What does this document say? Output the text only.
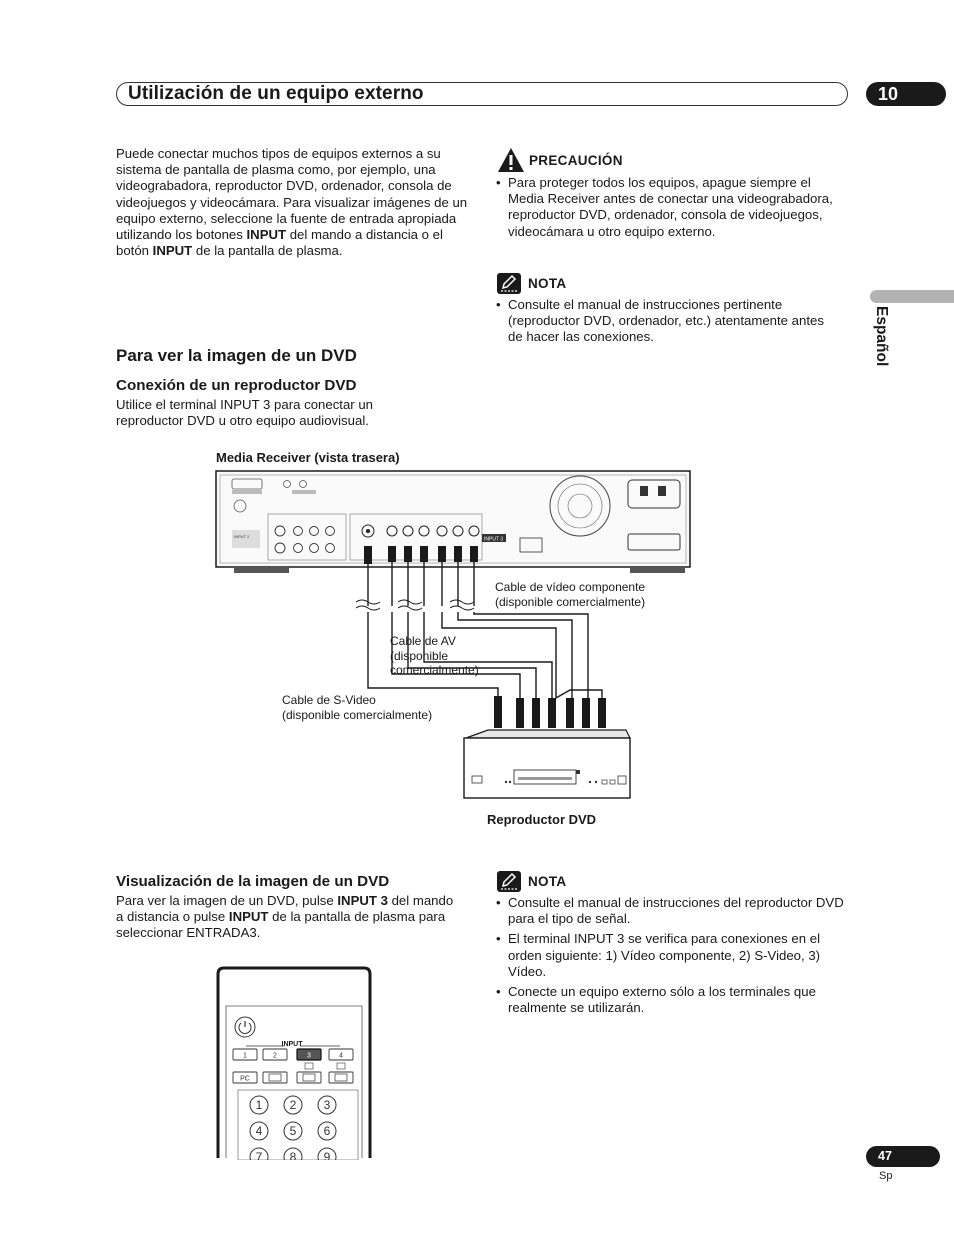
Utilización de un equipo externo	10
Puede conectar muchos tipos de equipos externos a su sistema de pantalla de plasma como, por ejemplo, una videograbadora, reproductor DVD, ordenador, consola de videojuegos y videocámara. Para visualizar imágenes de un equipo externo, seleccione la fuente de entrada apropiada utilizando los botones INPUT del mando a distancia o el botón INPUT de la pantalla de plasma.
PRECAUCIÓN
• Para proteger todos los equipos, apague siempre el Media Receiver antes de conectar una videograbadora, reproductor DVD, ordenador, consola de videojuegos, videocámara u otro equipo externo.
NOTA
• Consulte el manual de instrucciones pertinente (reproductor DVD, ordenador, etc.) atentamente antes de hacer las conexiones.	Español
Para ver la imagen de un DVD
Conexión de un reproductor DVD
Utilice el terminal INPUT 3 para conectar un reproductor DVD u otro equipo audiovisual.
Media Receiver (vista trasera)
INPUT 2	INPUT 3
Cable de vídeo componente
(disponible comercialmente)
Cable de AV
(disponible
comercialmente)
Cable de S-Video
(disponible comercialmente)
Reproductor DVD
Visualización de la imagen de un DVD
Para ver la imagen de un DVD, pulse INPUT 3 del mando a distancia o pulse INPUT de la pantalla de plasma para seleccionar ENTRADA3.
NOTA
• Consulte el manual de instrucciones del reproductor DVD para el tipo de señal.
• El terminal INPUT 3 se verifica para conexiones en el orden siguiente: 1) Vídeo componente, 2) S-Video, 3) Vídeo.
• Conecte un equipo externo sólo a los terminales que realmente se utilizarán.
INPUT
1	2	3	4
PC
1 2 3
4 5 6
7 8 9	47
Sp
